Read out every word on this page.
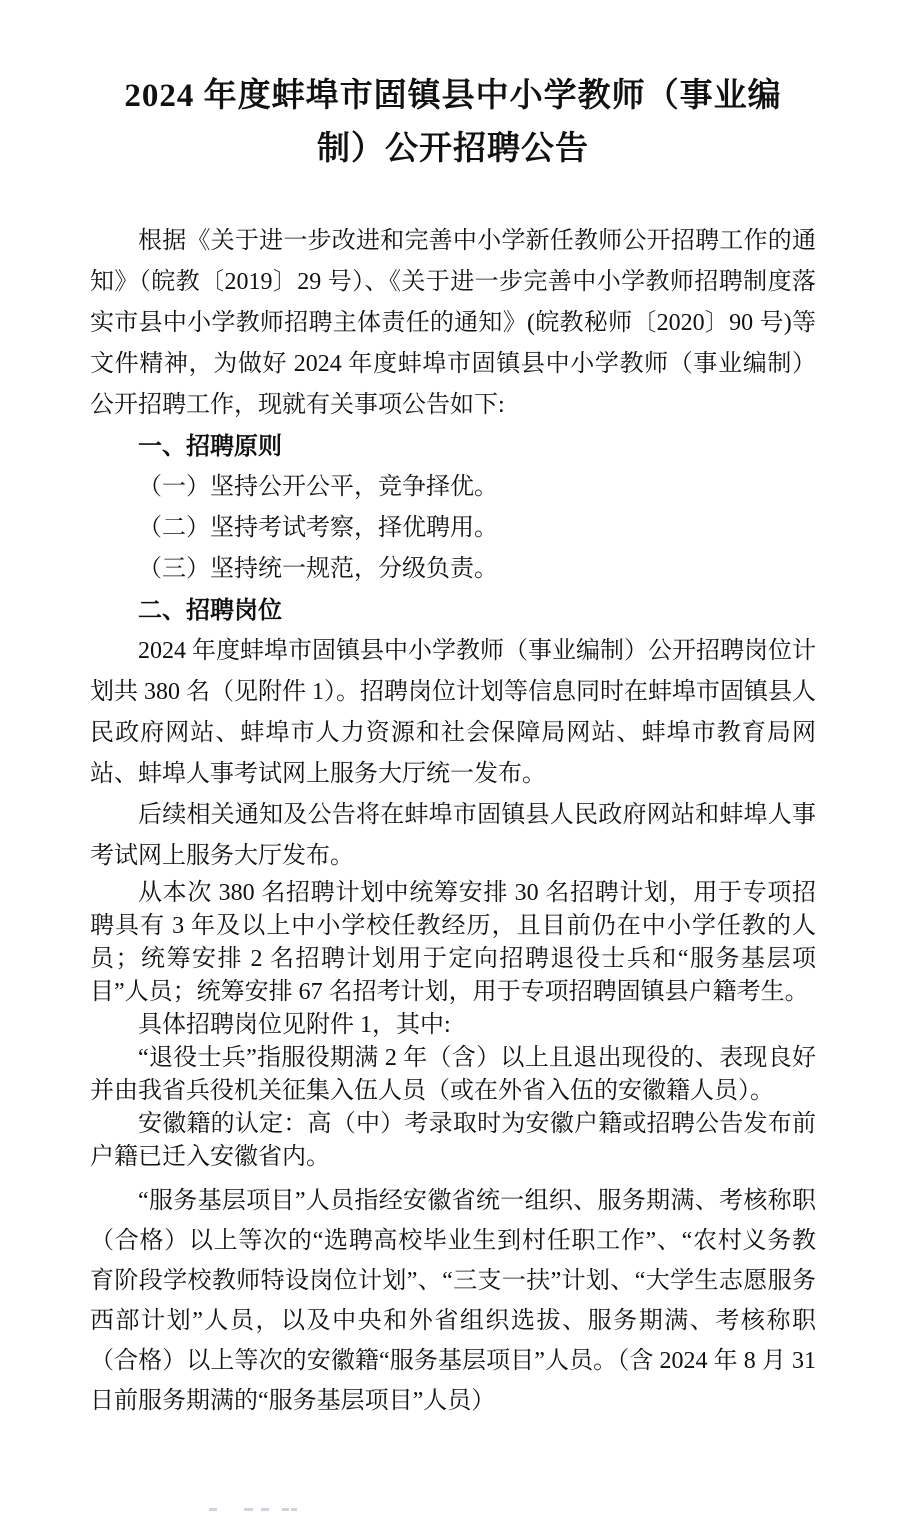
2024 年度蚌埠市固镇县中小学教师（事业编
制）公开招聘公告

根据《关于进一步改进和完善中小学新任教师公开招聘工作的通知》（皖教〔2019〕29 号）、《关于进一步完善中小学教师招聘制度落实市县中小学教师招聘主体责任的通知》(皖教秘师〔2020〕90 号)等文件精神，为做好 2024 年度蚌埠市固镇县中小学教师（事业编制）公开招聘工作，现就有关事项公告如下:

一、招聘原则

（一）坚持公开公平，竞争择优。

（二）坚持考试考察，择优聘用。

（三）坚持统一规范，分级负责。

二、招聘岗位

2024 年度蚌埠市固镇县中小学教师（事业编制）公开招聘岗位计划共 380 名（见附件 1）。招聘岗位计划等信息同时在蚌埠市固镇县人民政府网站、蚌埠市人力资源和社会保障局网站、蚌埠市教育局网站、蚌埠人事考试网上服务大厅统一发布。

后续相关通知及公告将在蚌埠市固镇县人民政府网站和蚌埠人事考试网上服务大厅发布。

从本次 380 名招聘计划中统筹安排 30 名招聘计划，用于专项招聘具有 3 年及以上中小学校任教经历，且目前仍在中小学任教的人员；统筹安排 2 名招聘计划用于定向招聘退役士兵和“服务基层项目”人员；统筹安排 67 名招考计划，用于专项招聘固镇县户籍考生。

具体招聘岗位见附件 1，其中:

“退役士兵”指服役期满 2 年（含）以上且退出现役的、表现良好并由我省兵役机关征集入伍人员（或在外省入伍的安徽籍人员）。

安徽籍的认定：高（中）考录取时为安徽户籍或招聘公告发布前户籍已迁入安徽省内。

“服务基层项目”人员指经安徽省统一组织、服务期满、考核称职（合格）以上等次的“选聘高校毕业生到村任职工作”、“农村义务教育阶段学校教师特设岗位计划”、“三支一扶”计划、“大学生志愿服务西部计划”人员，以及中央和外省组织选拔、服务期满、考核称职（合格）以上等次的安徽籍“服务基层项目”人员。（含 2024 年 8 月 31 日前服务期满的“服务基层项目”人员）
